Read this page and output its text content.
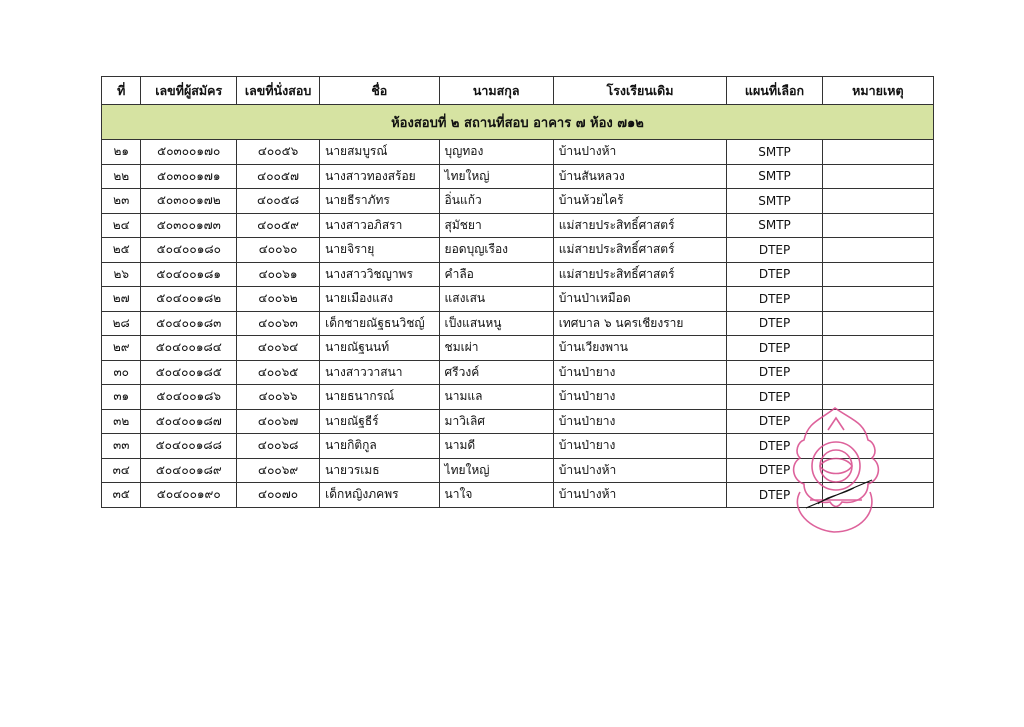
ห้องสอบที่ ๒ สถานที่สอบ อาคาร ๗ ห้อง ๗๑๒							
ที่	เลขที่ผู้สมัคร	เลขที่นั่งสอบ	ชื่อ	นามสกุล	โรงเรียนเดิม	แผนที่เลือก	หมายเหตุ
๒๑	๕๐๓๐๐๑๗๐	๔๐๐๕๖	นายสมบูรณ์	บุญทอง	บ้านปางห้า	SMTP	
๒๒	๕๐๓๐๐๑๗๑	๔๐๐๕๗	นางสาวทองสร้อย	ไทยใหญ่	บ้านสันหลวง	SMTP	
๒๓	๕๐๓๐๐๑๗๒	๔๐๐๕๘	นายธีราภัทร	อิ่นแก้ว	บ้านห้วยไคร้	SMTP	
๒๔	๕๐๓๐๐๑๗๓	๔๐๐๕๙	นางสาวอภิสรา	สุมัชยา	แม่สายประสิทธิ์ศาสตร์	SMTP	
๒๕	๕๐๔๐๐๑๘๐	๔๐๐๖๐	นายจิรายุ	ยอดบุญเรือง	แม่สายประสิทธิ์ศาสตร์	DTEP	
๒๖	๕๐๔๐๐๑๘๑	๔๐๐๖๑	นางสาววิชญาพร	คำลือ	แม่สายประสิทธิ์ศาสตร์	DTEP	
๒๗	๕๐๔๐๐๑๘๒	๔๐๐๖๒	นายเมืองแสง	แสงเสน	บ้านป่าเหมือด	DTEP	
๒๘	๕๐๔๐๐๑๘๓	๔๐๐๖๓	เด็กชายณัฐธนวิชญ์	เป็งแสนหนู	เทศบาล ๖ นครเชียงราย	DTEP	
๒๙	๕๐๔๐๐๑๘๔	๔๐๐๖๔	นายณัฐนนท์	ชมเผ่า	บ้านเวียงพาน	DTEP	
๓๐	๕๐๔๐๐๑๘๕	๔๐๐๖๕	นางสาววาสนา	ศรีวงค์	บ้านป่ายาง	DTEP	
๓๑	๕๐๔๐๐๑๘๖	๔๐๐๖๖	นายธนากรณ์	นามแล	บ้านป่ายาง	DTEP	
๓๒	๕๐๔๐๐๑๘๗	๔๐๐๖๗	นายณัฐธีร์	มาวิเลิศ	บ้านป่ายาง	DTEP	
๓๓	๕๐๔๐๐๑๘๘	๔๐๐๖๘	นายกิติกูล	นามดี	บ้านป่ายาง	DTEP	
๓๔	๕๐๔๐๐๑๘๙	๔๐๐๖๙	นายวรเมธ	ไทยใหญ่	บ้านปางห้า	DTEP	
๓๕	๕๐๔๐๐๑๙๐	๔๐๐๗๐	เด็กหญิงภคพร	นาใจ	บ้านปางห้า	DTEP	
